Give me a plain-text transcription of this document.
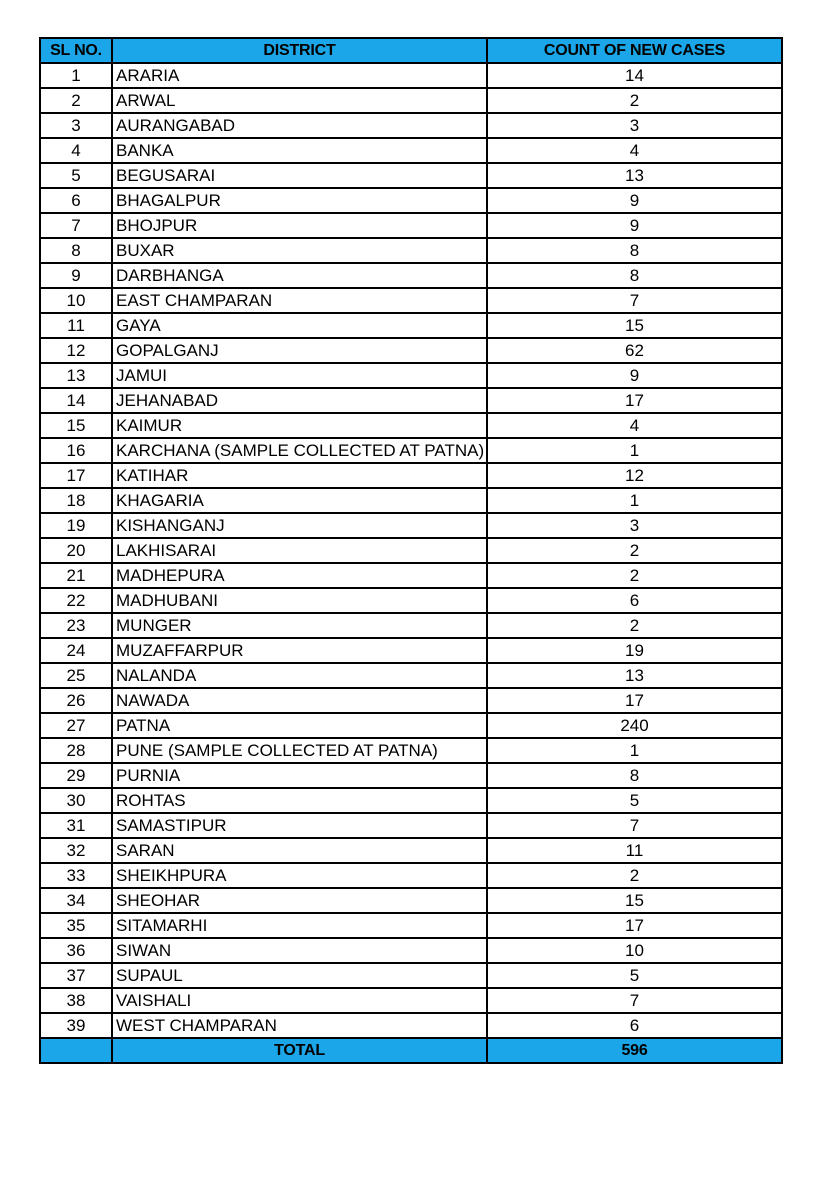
SL NO.	DISTRICT	COUNT OF NEW CASES
1	ARARIA	14
2	ARWAL	2
3	AURANGABAD	3
4	BANKA	4
5	BEGUSARAI	13
6	BHAGALPUR	9
7	BHOJPUR	9
8	BUXAR	8
9	DARBHANGA	8
10	EAST CHAMPARAN	7
11	GAYA	15
12	GOPALGANJ	62
13	JAMUI	9
14	JEHANABAD	17
15	KAIMUR	4
16	KARCHANA (SAMPLE COLLECTED AT PATNA)	1
17	KATIHAR	12
18	KHAGARIA	1
19	KISHANGANJ	3
20	LAKHISARAI	2
21	MADHEPURA	2
22	MADHUBANI	6
23	MUNGER	2
24	MUZAFFARPUR	19
25	NALANDA	13
26	NAWADA	17
27	PATNA	240
28	PUNE (SAMPLE COLLECTED AT PATNA)	1
29	PURNIA	8
30	ROHTAS	5
31	SAMASTIPUR	7
32	SARAN	11
33	SHEIKHPURA	2
34	SHEOHAR	15
35	SITAMARHI	17
36	SIWAN	10
37	SUPAUL	5
38	VAISHALI	7
39	WEST CHAMPARAN	6
	TOTAL	596
